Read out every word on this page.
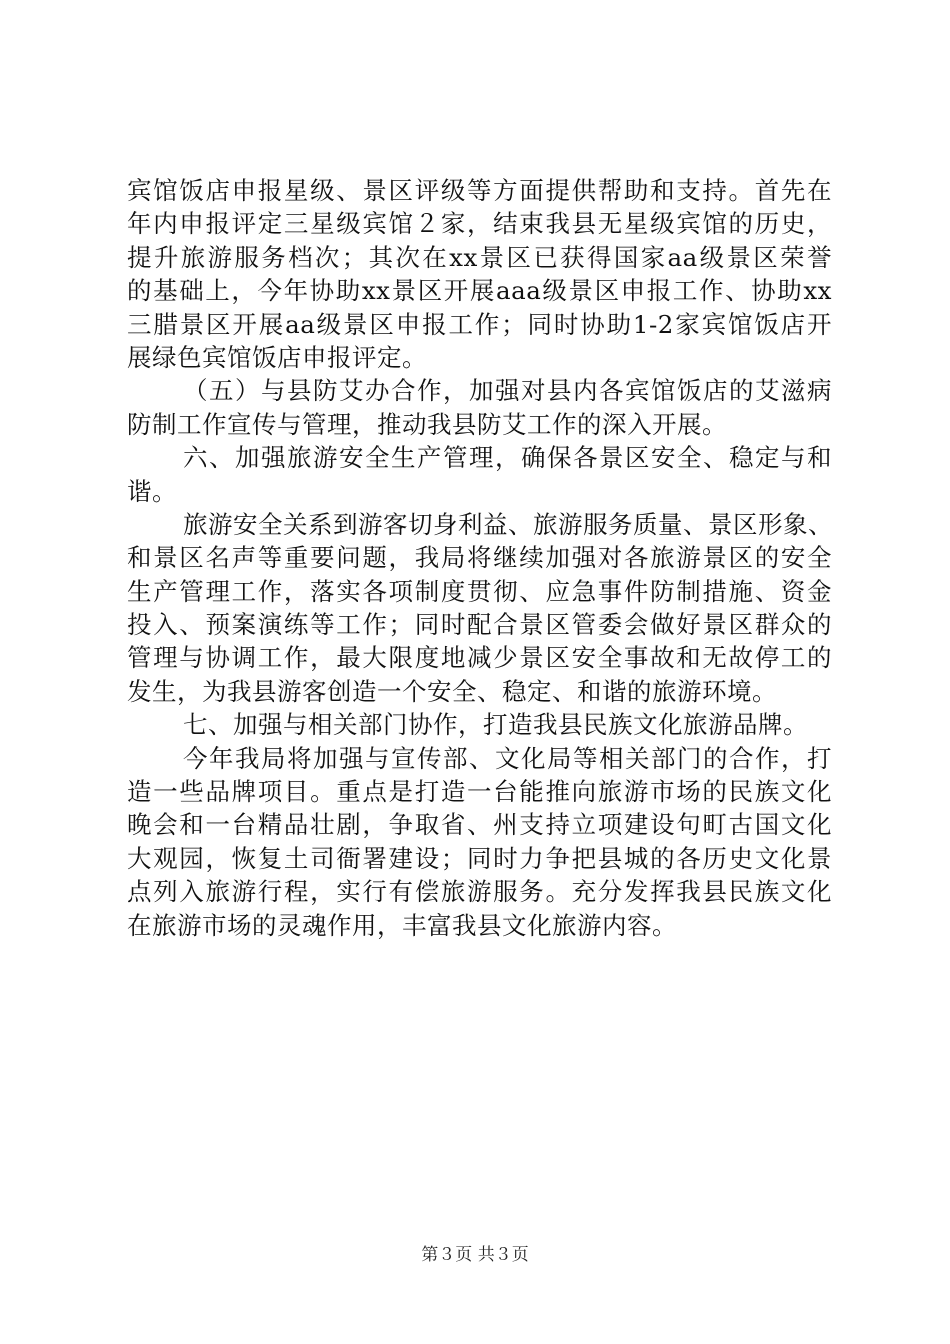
宾馆饭店申报星级、景区评级等方面提供帮助和支持。首先在
年内申报评定三星级宾馆２家，结束我县无星级宾馆的历史，
提升旅游服务档次；其次在xx景区已获得国家aa级景区荣誉
的基础上，今年协助xx景区开展aaa级景区申报工作、协助xx
三腊景区开展aa级景区申报工作；同时协助1-2家宾馆饭店开
展绿色宾馆饭店申报评定。
（五）与县防艾办合作，加强对县内各宾馆饭店的艾滋病
防制工作宣传与管理，推动我县防艾工作的深入开展。
六、加强旅游安全生产管理，确保各景区安全、稳定与和
谐。
旅游安全关系到游客切身利益、旅游服务质量、景区形象、
和景区名声等重要问题，我局将继续加强对各旅游景区的安全
生产管理工作，落实各项制度贯彻、应急事件防制措施、资金
投入、预案演练等工作；同时配合景区管委会做好景区群众的
管理与协调工作，最大限度地减少景区安全事故和无故停工的
发生，为我县游客创造一个安全、稳定、和谐的旅游环境。
七、加强与相关部门协作，打造我县民族文化旅游品牌。
今年我局将加强与宣传部、文化局等相关部门的合作，打
造一些品牌项目。重点是打造一台能推向旅游市场的民族文化
晚会和一台精品壮剧，争取省、州支持立项建设句町古国文化
大观园，恢复土司衙署建设；同时力争把县城的各历史文化景
点列入旅游行程，实行有偿旅游服务。充分发挥我县民族文化
在旅游市场的灵魂作用，丰富我县文化旅游内容。
第３页 共３页
